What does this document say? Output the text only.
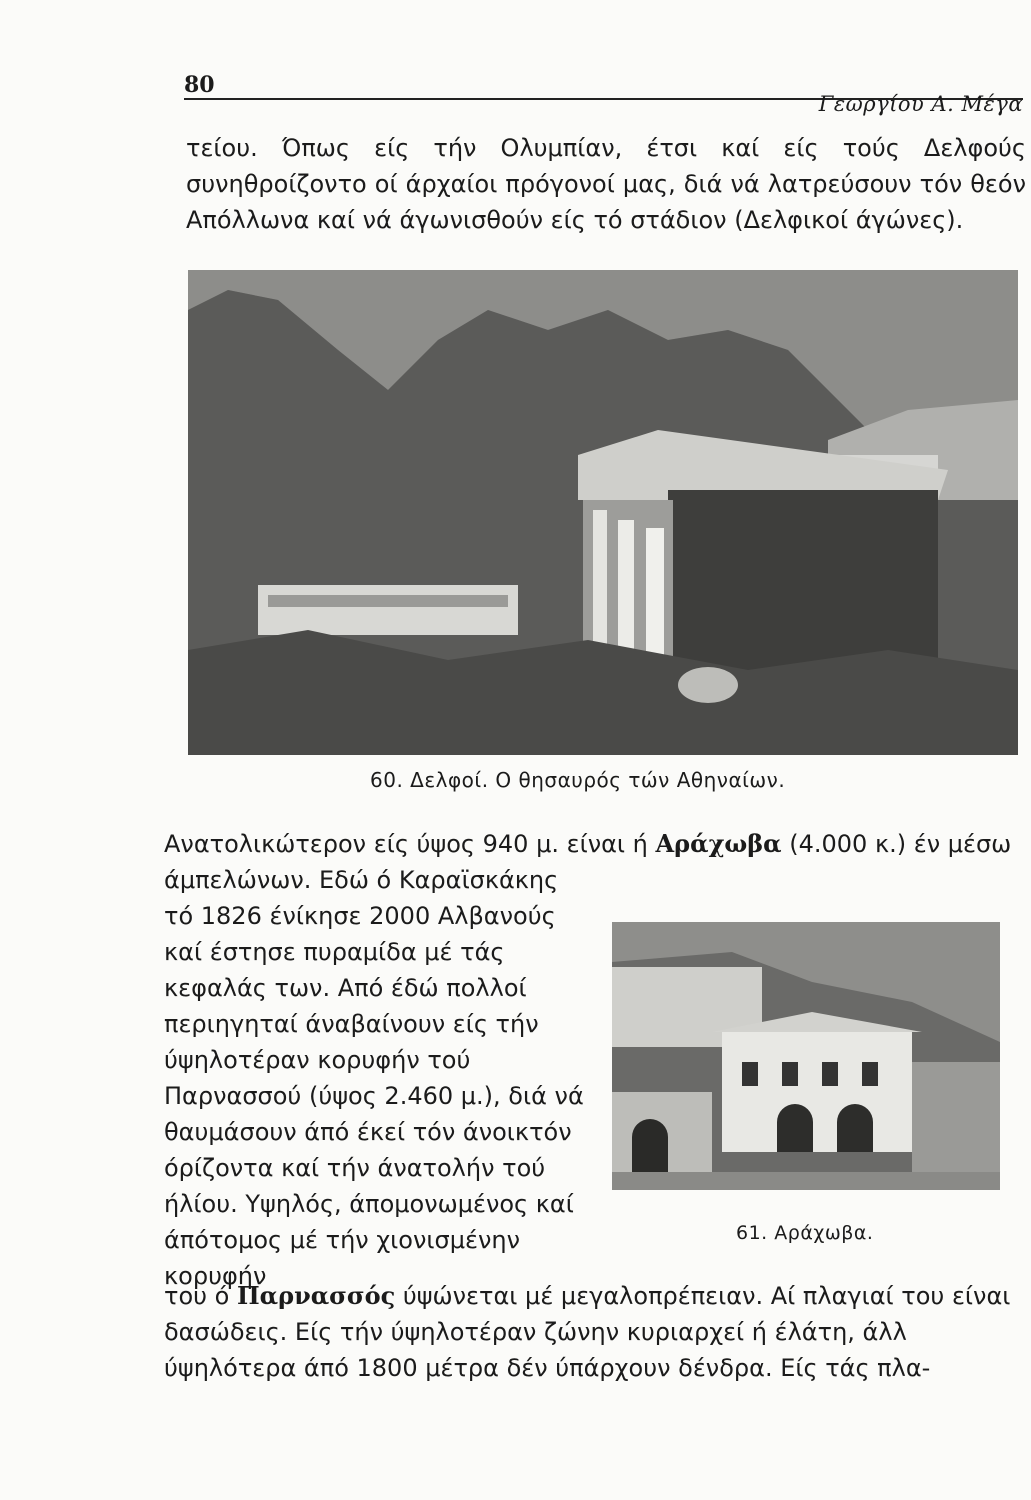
80
Γεωργίου Α. Μέγα
τείου. Όπως είς τήν Ολυμπίαν, έτσι καί είς τούς Δελφούς συνηθροίζοντο οί άρχαίοι πρόγονοί μας, διά νά λατρεύσουν τόν θεόν Απόλλωνα καί νά άγωνισθούν είς τό στάδιον (Δελφικοί άγώνες).
60. Δελφοί. Ο θησαυρός τών Αθηναίων.
Ανατολικώτερον είς ύψος 940 μ. είναι ή Αράχωβα (4.000 κ.) έν μέσω
άμπελώνων. Εδώ ό Καραϊσκάκης τό 1826 ένίκησε 2000 Αλβανούς καί έστησε πυραμίδα μέ τάς κεφαλάς των. Από έδώ πολλοί περιηγηταί άναβαίνουν είς τήν ύψηλοτέραν κορυφήν τού Παρνασσού (ύψος 2.460 μ.), διά νά θαυμάσουν άπό έκεί τόν άνοικτόν όρίζοντα καί τήν άνατολήν τού ήλίου. Υψηλός, άπομονωμένος καί άπότομος μέ τήν χιονισμένην κορυφήν
61. Αράχωβα.
του ό Παρνασσός ύψώνεται μέ μεγαλοπρέπειαν. Αί πλαγιαί του είναι δασώδεις. Είς τήν ύψηλοτέραν ζώνην κυριαρχεί ή έλάτη, άλλ ύψηλότερα άπό 1800 μέτρα δέν ύπάρχουν δένδρα. Είς τάς πλα-
